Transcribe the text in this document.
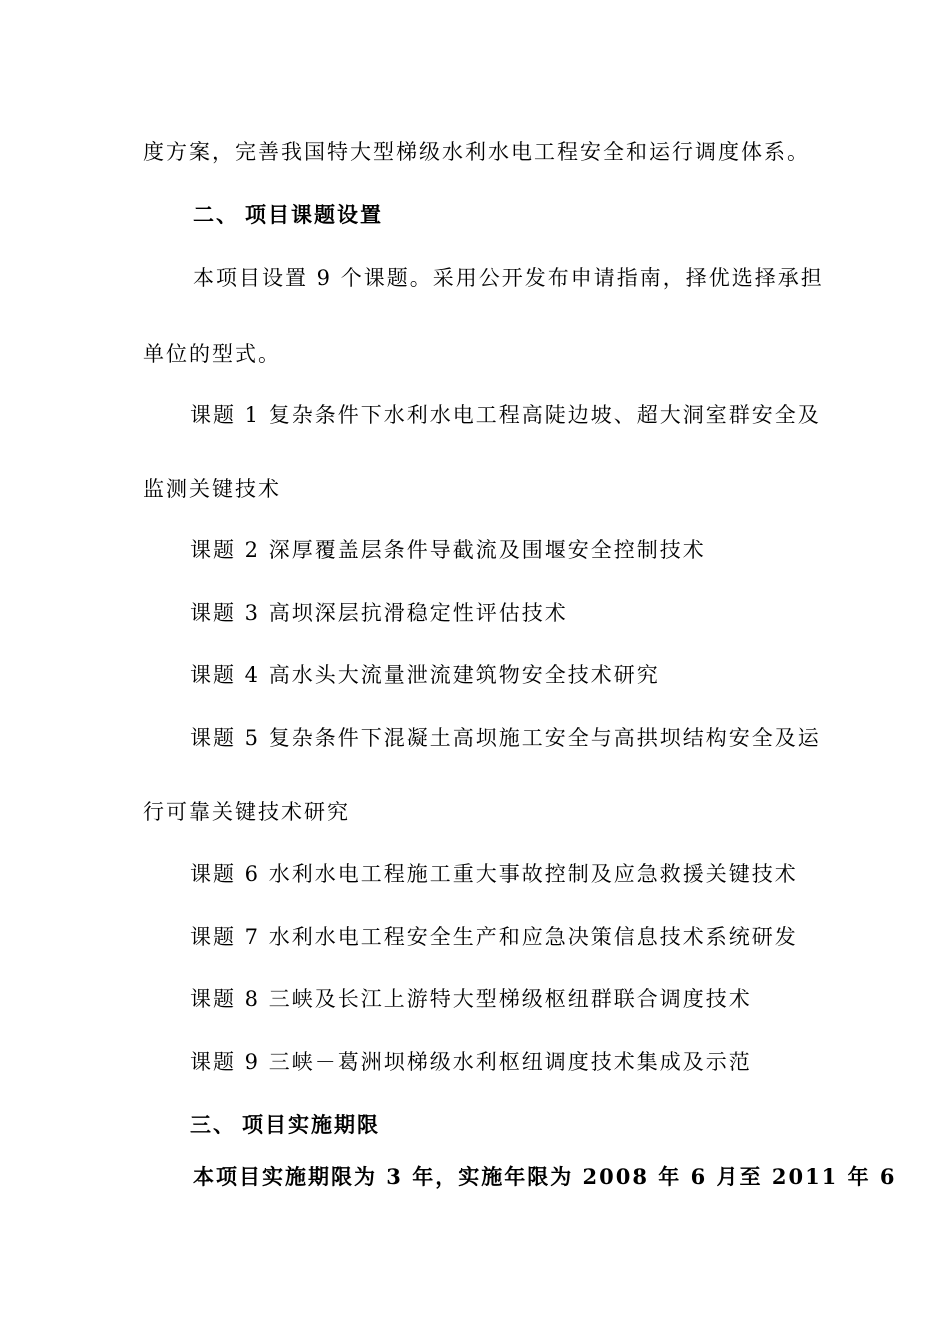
度方案，完善我国特大型梯级水利水电工程安全和运行调度体系。
二、 项目课题设置
本项目设置 9 个课题。采用公开发布申请指南，择优选择承担
单位的型式。
课题 1 复杂条件下水利水电工程高陡边坡、超大洞室群安全及
监测关键技术
课题 2 深厚覆盖层条件导截流及围堰安全控制技术
课题 3 高坝深层抗滑稳定性评估技术
课题 4 高水头大流量泄流建筑物安全技术研究
课题 5 复杂条件下混凝土高坝施工安全与高拱坝结构安全及运
行可靠关键技术研究
课题 6 水利水电工程施工重大事故控制及应急救援关键技术
课题 7 水利水电工程安全生产和应急决策信息技术系统研发
课题 8 三峡及长江上游特大型梯级枢纽群联合调度技术
课题 9 三峡－葛洲坝梯级水利枢纽调度技术集成及示范
三、 项目实施期限
本项目实施期限为 3 年，实施年限为 2008 年 6 月至 2011 年 6
